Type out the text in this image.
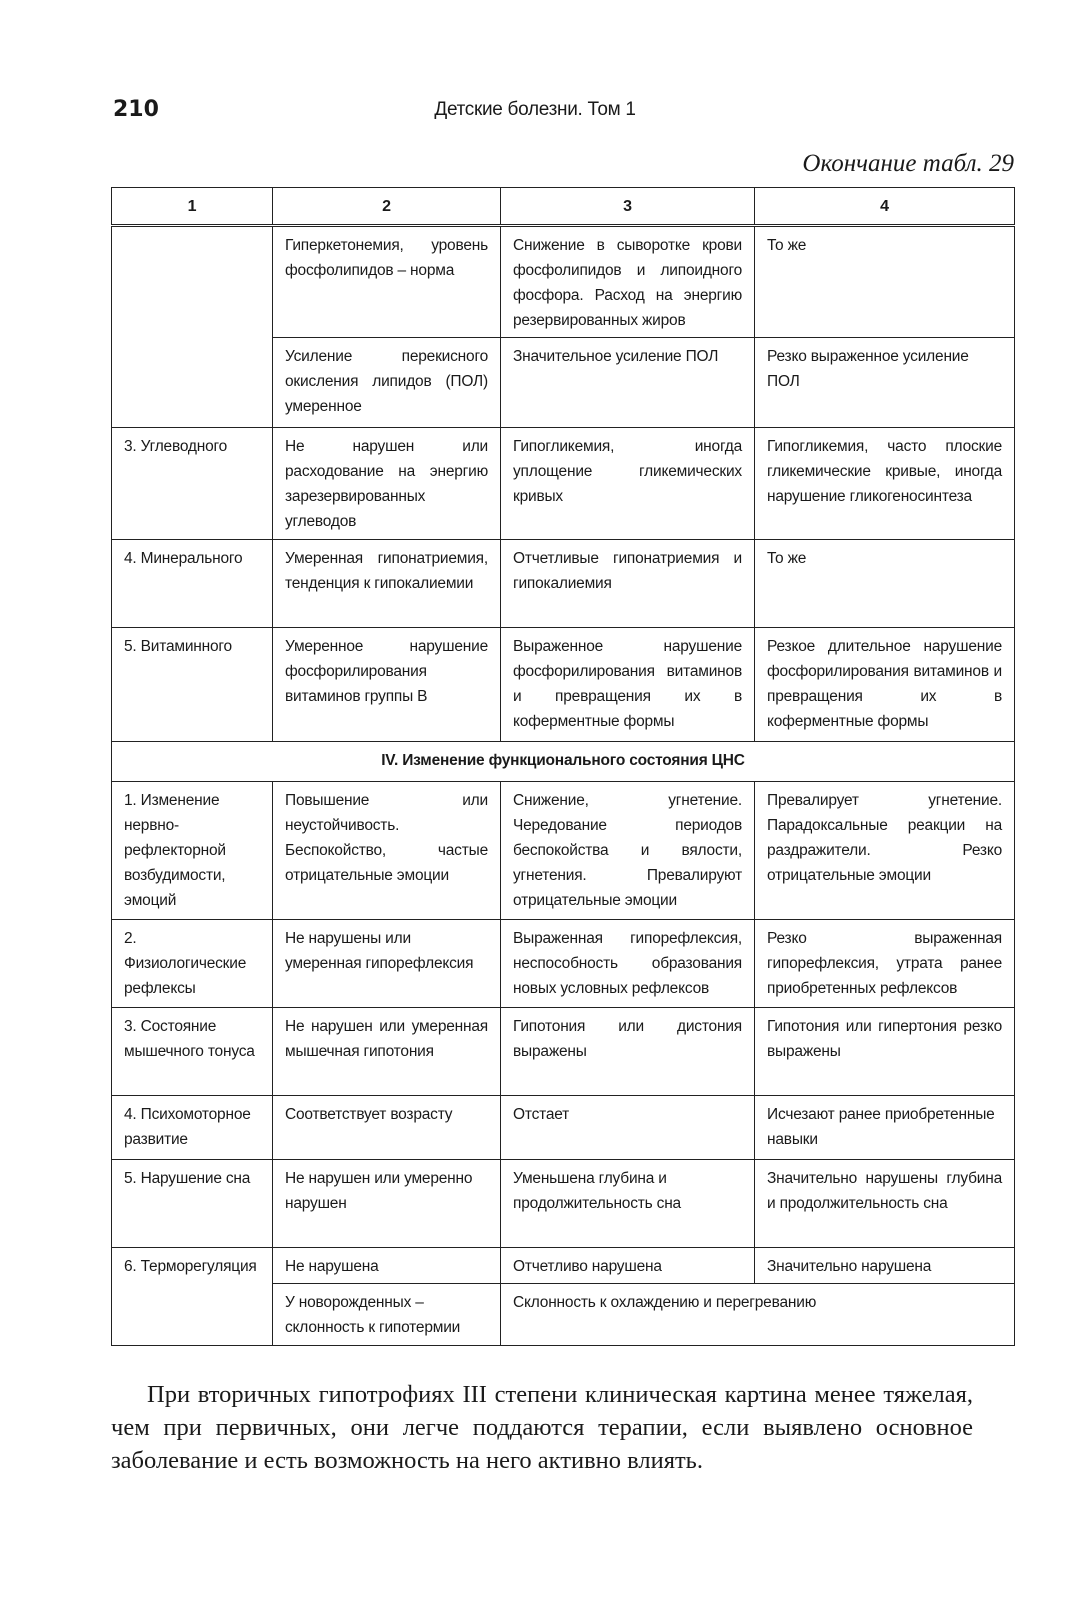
210	Детские болезни. Том 1
Окончание табл. 29
1	2	3	4
	Гиперкетонемия, уровень фосфолипидов – норма	Снижение в сыворотке крови фосфолипидов и липоидного фосфора. Расход на энергию резервированных жиров	То же
	Усиление перекисного окисления липидов (ПОЛ) умеренное	Значительное усиление ПОЛ	Резко выраженное усиление ПОЛ
3. Углеводного	Не нарушен или расходование на энергию зарезервированных углеводов	Гипогликемия, иногда уплощение гликемических кривых	Гипогликемия, часто плоские гликемические кривые, иногда нарушение гликогеносинтеза
4. Минерального	Умеренная гипонатриемия, тенденция к гипокалиемии	Отчетливые гипонатриемия и гипокалиемия	То же
5. Витаминного	Умеренное нарушение фосфорилирования витаминов группы В	Выраженное нарушение фосфорилирования витаминов и превращения их в коферментные формы	Резкое длительное нарушение фосфорилирования витаминов и превращения их в коферментные формы
IV. Изменение функционального состояния ЦНС			
1. Изменение нервно-рефлекторной возбудимости, эмоций	Повышение или неустойчивость. Беспокойство, частые отрицательные эмоции	Снижение, угнетение. Чередование периодов беспокойства и вялости, угнетения. Превалируют отрицательные эмоции	Превалирует угнетение. Парадоксальные реакции на раздражители. Резко отрицательные эмоции
2. Физиологические рефлексы	Не нарушены или умеренная гипорефлексия	Выраженная гипорефлексия, неспособность образования новых условных рефлексов	Резко выраженная гипорефлексия, утрата ранее приобретенных рефлексов
3. Состояние мышечного тонуса	Не нарушен или умеренная мышечная гипотония	Гипотония или дистония выражены	Гипотония или гипертония резко выражены
4. Психомоторное развитие	Соответствует возрасту	Отстает	Исчезают ранее приобретенные навыки
5. Нарушение сна	Не нарушен или умеренно нарушен	Уменьшена глубина и продолжительность сна	Значительно нарушены глубина и продолжительность сна
6. Терморегуляция	Не нарушена	Отчетливо нарушена	Значительно нарушена
	У новорожденных – склонность к гипотермии	Склонность к охлаждению и перегреванию	
При вторичных гипотрофиях III степени клиническая картина менее тяжелая, чем при первичных, они легче поддаются терапии, если выявлено основное заболевание и есть возможность на него активно влиять.
